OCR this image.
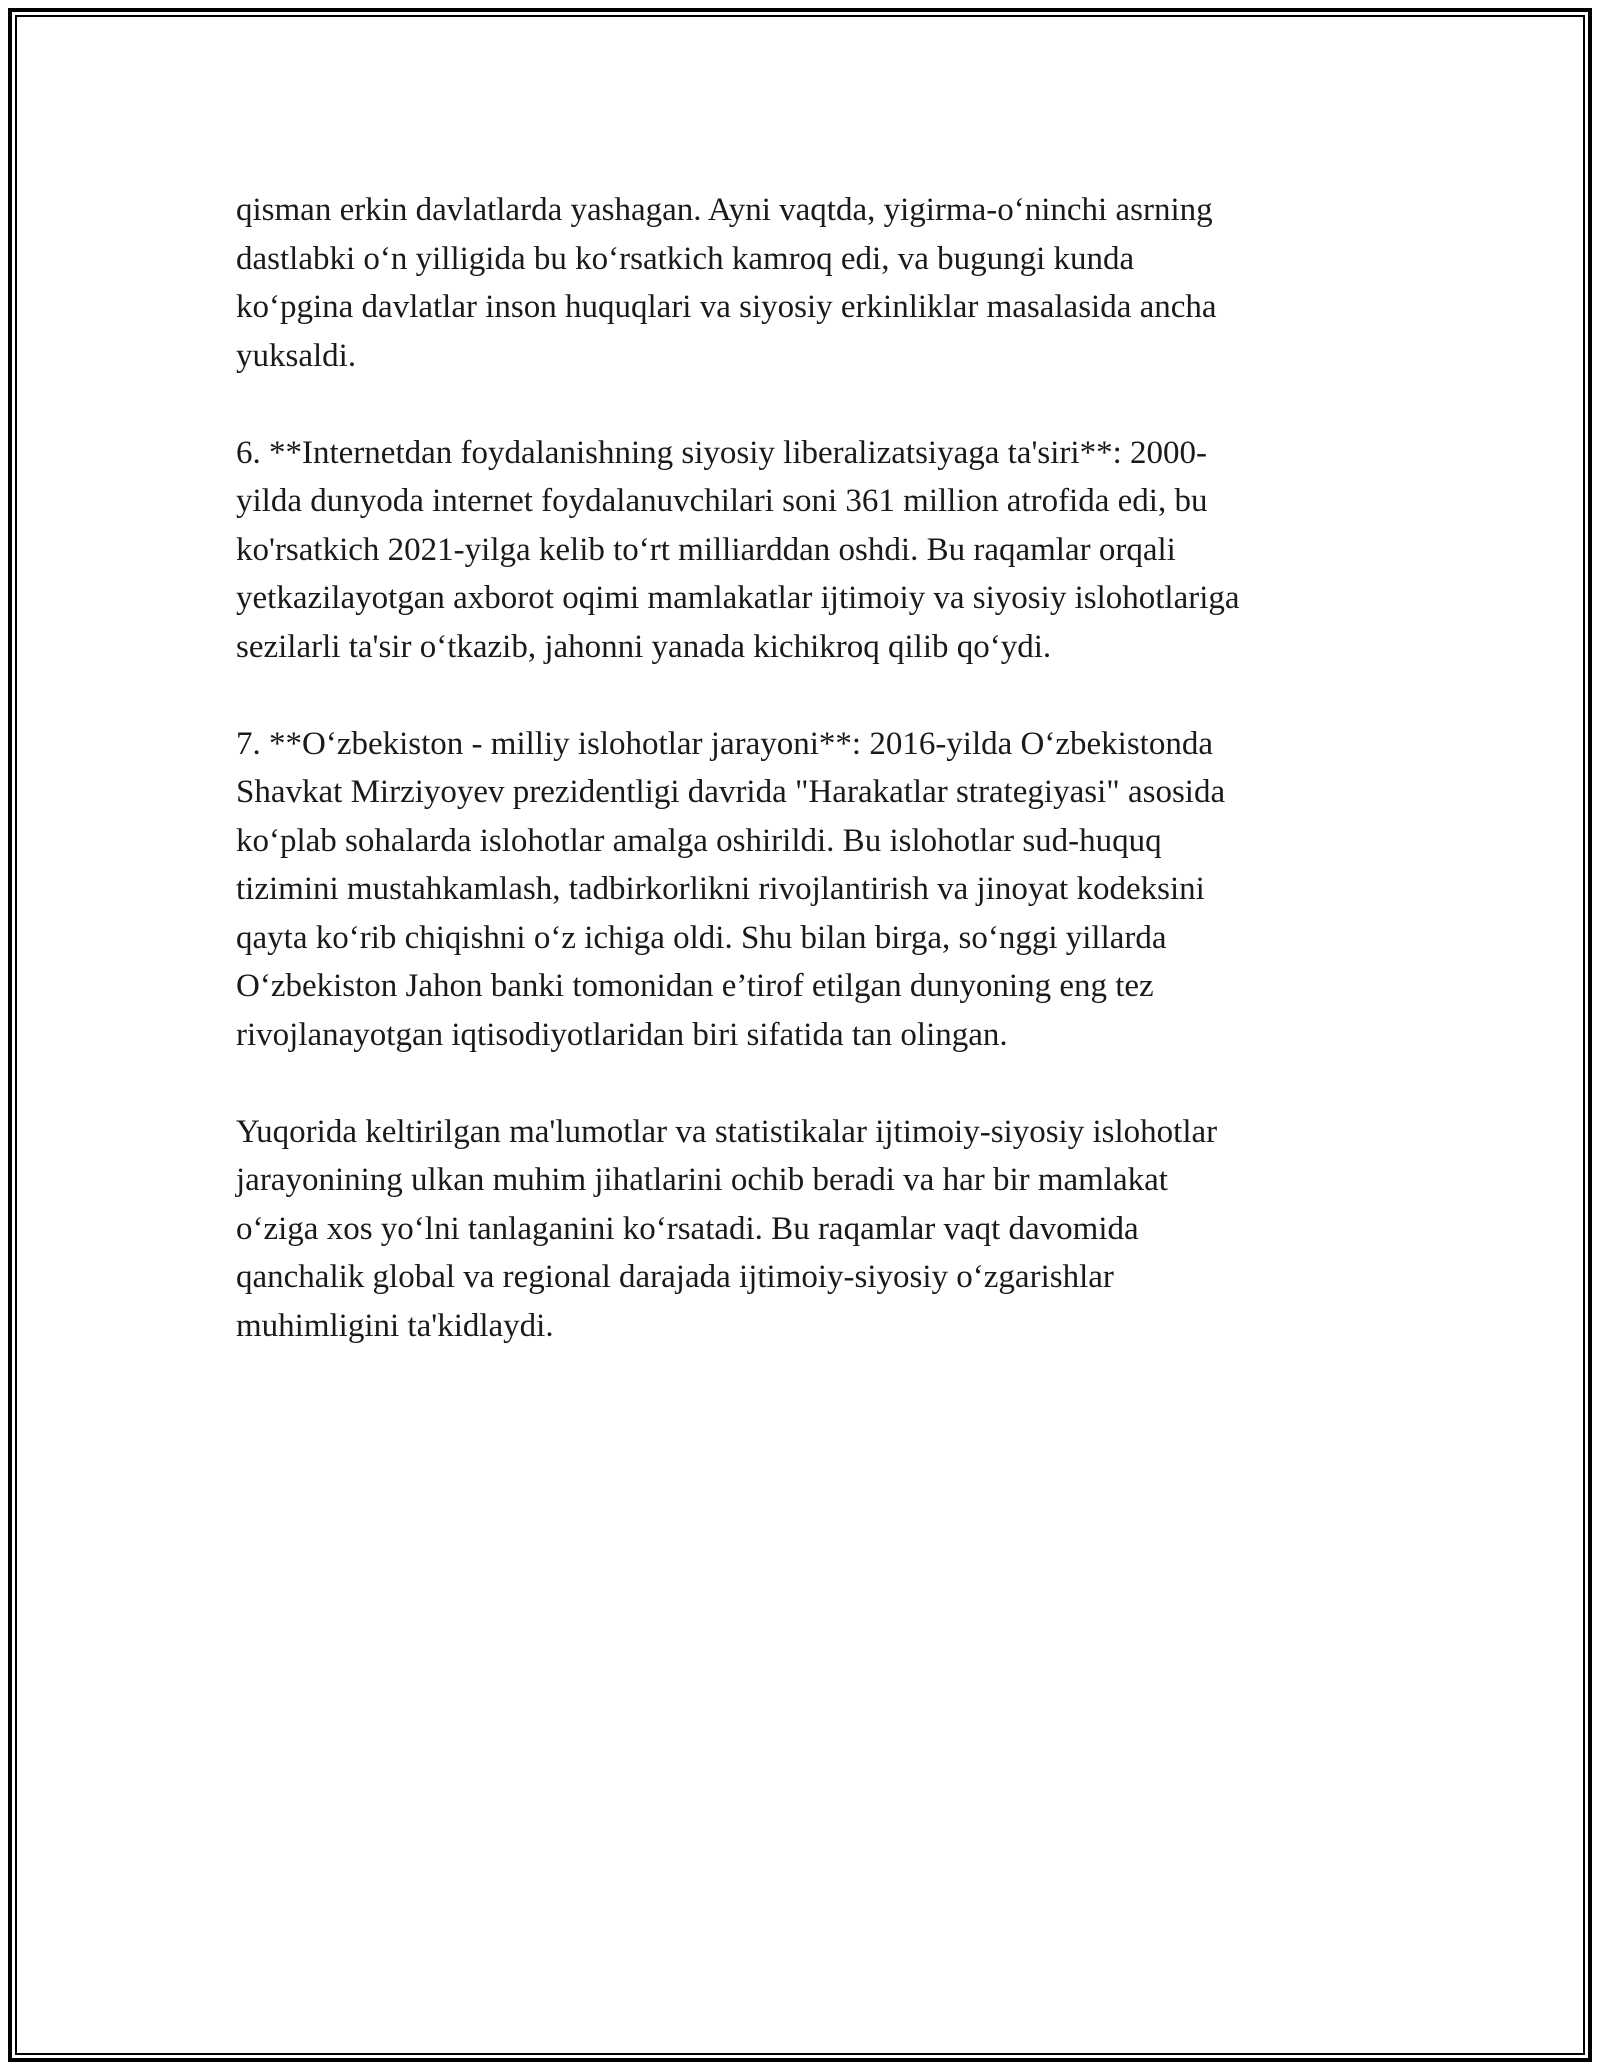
qisman erkin davlatlarda yashagan. Ayni vaqtda, yigirma-oʻninchi asrning
dastlabki oʻn yilligida bu koʻrsatkich kamroq edi, va bugungi kunda
koʻpgina davlatlar inson huquqlari va siyosiy erkinliklar masalasida ancha
yuksaldi.

6. **Internetdan foydalanishning siyosiy liberalizatsiyaga ta'siri**: 2000-
yilda dunyoda internet foydalanuvchilari soni 361 million atrofida edi, bu
ko'rsatkich 2021-yilga kelib toʻrt milliarddan oshdi. Bu raqamlar orqali
yetkazilayotgan axborot oqimi mamlakatlar ijtimoiy va siyosiy islohotlariga
sezilarli ta'sir oʻtkazib, jahonni yanada kichikroq qilib qoʻydi.

7. **Oʻzbekiston - milliy islohotlar jarayoni**: 2016-yilda Oʻzbekistonda
Shavkat Mirziyoyev prezidentligi davrida "Harakatlar strategiyasi" asosida
koʻplab sohalarda islohotlar amalga oshirildi. Bu islohotlar sud-huquq
tizimini mustahkamlash, tadbirkorlikni rivojlantirish va jinoyat kodeksini
qayta koʻrib chiqishni oʻz ichiga oldi. Shu bilan birga, soʻnggi yillarda
Oʻzbekiston Jahon banki tomonidan e’tirof etilgan dunyoning eng tez
rivojlanayotgan iqtisodiyotlaridan biri sifatida tan olingan.

Yuqorida keltirilgan ma'lumotlar va statistikalar ijtimoiy-siyosiy islohotlar
jarayonining ulkan muhim jihatlarini ochib beradi va har bir mamlakat
oʻziga xos yoʻlni tanlaganini koʻrsatadi. Bu raqamlar vaqt davomida
qanchalik global va regional darajada ijtimoiy-siyosiy oʻzgarishlar
muhimligini ta'kidlaydi.
